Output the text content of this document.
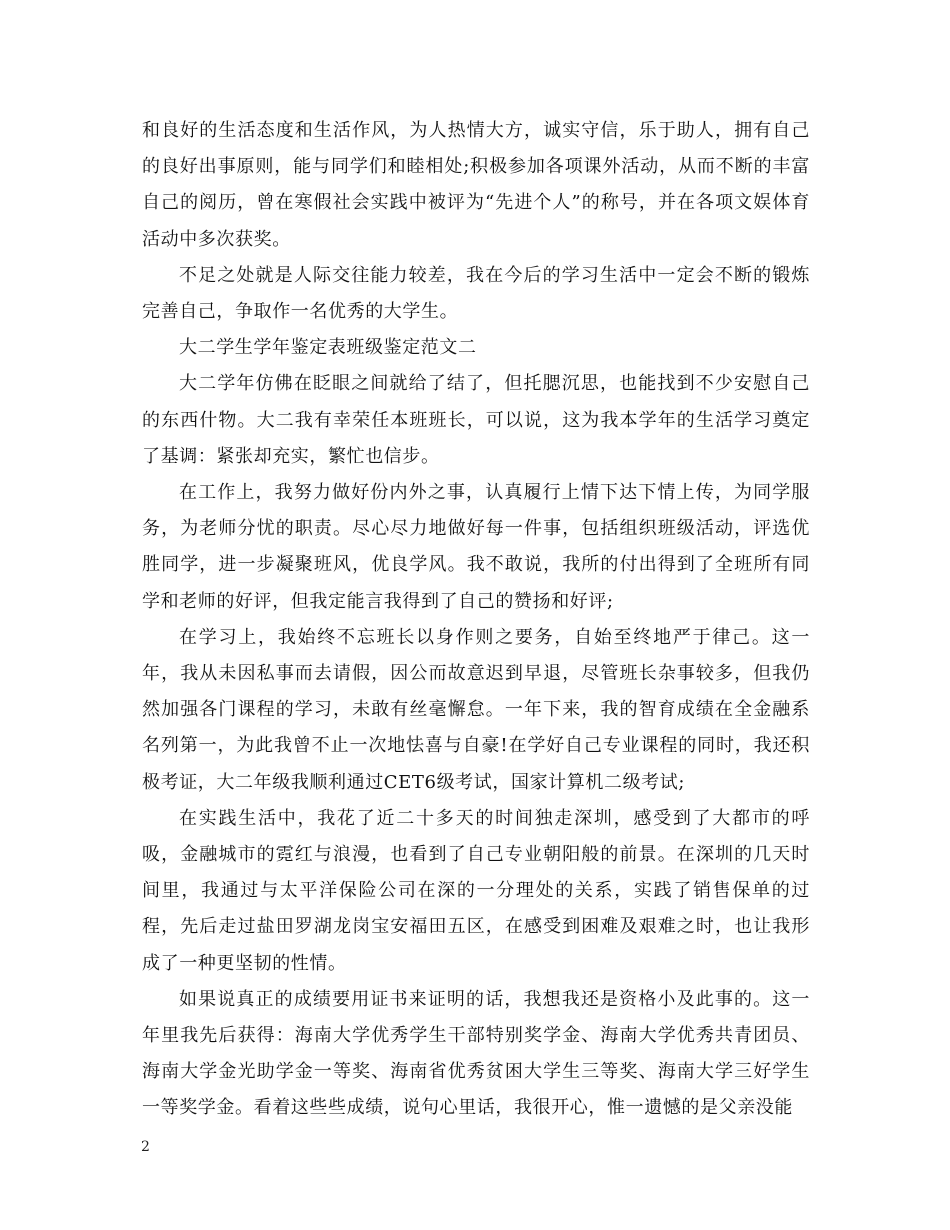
和良好的生活态度和生活作风，为人热情大方，诚实守信，乐于助人，拥有自己的良好出事原则，能与同学们和睦相处;积极参加各项课外活动，从而不断的丰富自己的阅历，曾在寒假社会实践中被评为“先进个人”的称号，并在各项文娱体育活动中多次获奖。

不足之处就是人际交往能力较差，我在今后的学习生活中一定会不断的锻炼完善自己，争取作一名优秀的大学生。

大二学生学年鉴定表班级鉴定范文二

大二学年仿佛在眨眼之间就给了结了，但托腮沉思，也能找到不少安慰自己的东西什物。大二我有幸荣任本班班长，可以说，这为我本学年的生活学习奠定了基调：紧张却充实，繁忙也信步。

在工作上，我努力做好份内外之事，认真履行上情下达下情上传，为同学服务，为老师分忧的职责。尽心尽力地做好每一件事，包括组织班级活动，评选优胜同学，进一步凝聚班风，优良学风。我不敢说，我所的付出得到了全班所有同学和老师的好评，但我定能言我得到了自己的赞扬和好评;

在学习上，我始终不忘班长以身作则之要务，自始至终地严于律己。这一年，我从未因私事而去请假，因公而故意迟到早退，尽管班长杂事较多，但我仍然加强各门课程的学习，未敢有丝毫懈怠。一年下来，我的智育成绩在全金融系名列第一，为此我曾不止一次地怯喜与自豪!在学好自己专业课程的同时，我还积极考证，大二年级我顺利通过CET6级考试，国家计算机二级考试;

在实践生活中，我花了近二十多天的时间独走深圳，感受到了大都市的呼吸，金融城市的霓红与浪漫，也看到了自己专业朝阳般的前景。在深圳的几天时间里，我通过与太平洋保险公司在深的一分理处的关系，实践了销售保单的过程，先后走过盐田罗湖龙岗宝安福田五区，在感受到困难及艰难之时，也让我形成了一种更坚韧的性情。

如果说真正的成绩要用证书来证明的话，我想我还是资格小及此事的。这一年里我先后获得：海南大学优秀学生干部特别奖学金、海南大学优秀共青团员、海南大学金光助学金一等奖、海南省优秀贫困大学生三等奖、海南大学三好学生一等奖学金。看着这些些成绩，说句心里话，我很开心，惟一遗憾的是父亲没能

2
